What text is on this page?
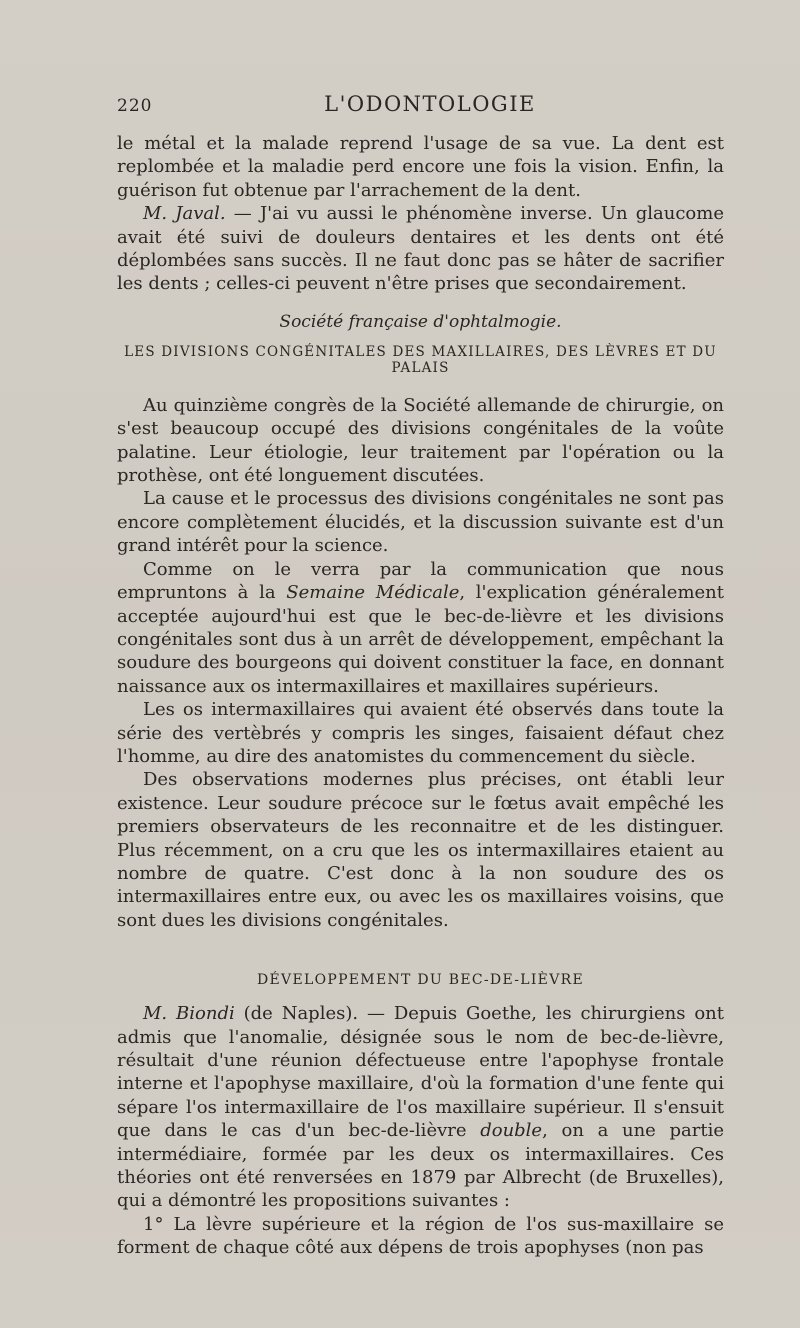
220	L'ODONTOLOGIE

le métal et la malade reprend l'usage de sa vue. La dent est replombée et la maladie perd encore une fois la vision. Enfin, la guérison fut obtenue par l'arrachement de la dent.

M. Javal. — J'ai vu aussi le phénomène inverse. Un glaucome avait été suivi de douleurs dentaires et les dents ont été déplombées sans succès. Il ne faut donc pas se hâter de sacrifier les dents ; celles-ci peuvent n'être prises que secondairement.

Société française d'ophtalmogie.
LES DIVISIONS CONGÉNITALES DES MAXILLAIRES, DES LÈVRES ET DU
PALAIS

Au quinzième congrès de la Société allemande de chirurgie, on s'est beaucoup occupé des divisions congénitales de la voûte palatine. Leur étiologie, leur traitement par l'opération ou la prothèse, ont été longuement discutées.

La cause et le processus des divisions congénitales ne sont pas encore complètement élucidés, et la discussion suivante est d'un grand intérêt pour la science.

Comme on le verra par la communication que nous empruntons à la Semaine Médicale, l'explication généralement acceptée aujourd'hui est que le bec-de-lièvre et les divisions congénitales sont dus à un arrêt de développement, empêchant la soudure des bourgeons qui doivent constituer la face, en donnant naissance aux os intermaxillaires et maxillaires supérieurs.

Les os intermaxillaires qui avaient été observés dans toute la série des vertèbrés y compris les singes, faisaient défaut chez l'homme, au dire des anatomistes du commencement du siècle.

Des observations modernes plus précises, ont établi leur existence. Leur soudure précoce sur le fœtus avait empêché les premiers observateurs de les reconnaitre et de les distinguer. Plus récemment, on a cru que les os intermaxillaires etaient au nombre de quatre. C'est donc à la non soudure des os intermaxillaires entre eux, ou avec les os maxillaires voisins, que sont dues les divisions congénitales.

DÉVELOPPEMENT DU BEC-DE-LIÈVRE

M. Biondi (de Naples). — Depuis Goethe, les chirurgiens ont admis que l'anomalie, désignée sous le nom de bec-de-lièvre, résultait d'une réunion défectueuse entre l'apophyse frontale interne et l'apophyse maxillaire, d'où la formation d'une fente qui sépare l'os intermaxillaire de l'os maxillaire supérieur. Il s'ensuit que dans le cas d'un bec-de-lièvre double, on a une partie intermédiaire, formée par les deux os intermaxillaires. Ces théories ont été renversées en 1879 par Albrecht (de Bruxelles), qui a démontré les propositions suivantes :

1° La lèvre supérieure et la région de l'os sus-maxillaire se forment de chaque côté aux dépens de trois apophyses (non pas
